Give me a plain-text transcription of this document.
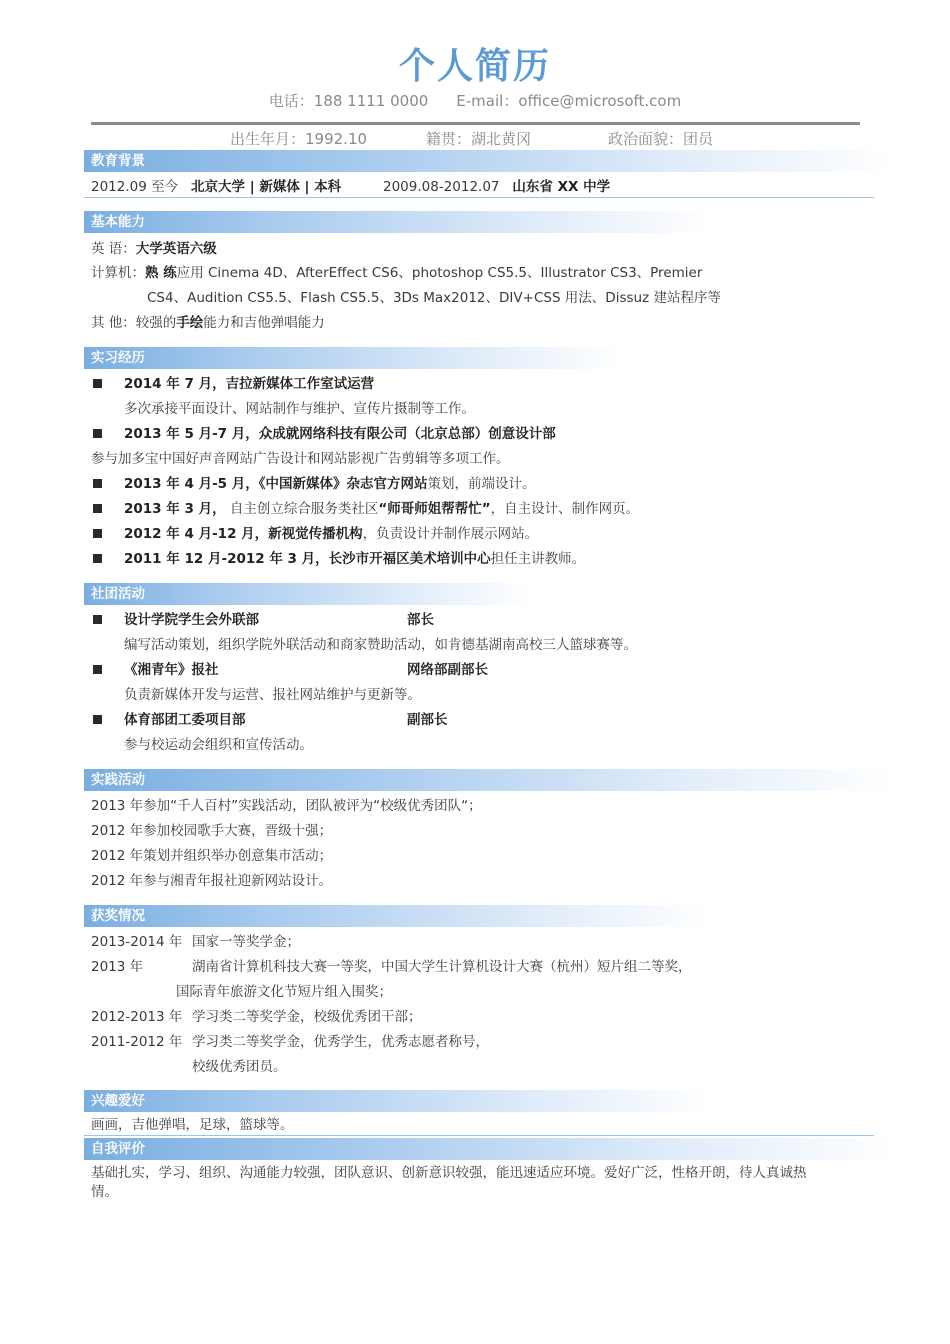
个人简历
电话：188 1111 0000 E-mail：office@microsoft.com
出生年月：1992.10	籍贯：湖北黄冈	政治面貌：团员
教育背景
2012.09 至今 北京大学 | 新媒体 | 本科	2009.08-2012.07 山东省 XX 中学
基本能力
英 语：大学英语六级
计算机：熟 练应用 Cinema 4D、AfterEffect CS6、photoshop CS5.5、Illustrator CS3、Premier
CS4、Audition CS5.5、Flash CS5.5、3Ds Max2012、DIV+CSS 用法、Dissuz 建站程序等
其 他：较强的手绘能力和吉他弹唱能力
实习经历
2014 年 7 月，吉拉新媒体工作室试运营
多次承接平面设计、网站制作与维护、宣传片摄制等工作。
2013 年 5 月-7 月，众成就网络科技有限公司（北京总部）创意设计部
参与加多宝中国好声音网站广告设计和网站影视广告剪辑等多项工作。
2013 年 4 月-5 月，《中国新媒体》杂志官方网站策划，前端设计。
2013 年 3 月， 自主创立综合服务类社区“师哥师姐帮帮忙”，自主设计、制作网页。
2012 年 4 月-12 月，新视觉传播机构，负责设计并制作展示网站。
2011 年 12 月-2012 年 3 月，长沙市开福区美术培训中心担任主讲教师。
社团活动
设计学院学生会外联部	部长
编写活动策划，组织学院外联活动和商家赞助活动，如肯德基湖南高校三人篮球赛等。
《湘青年》报社	网络部副部长
负责新媒体开发与运营、报社网站维护与更新等。
体育部团工委项目部	副部长
参与校运动会组织和宣传活动。
实践活动
2013 年参加“千人百村”实践活动，团队被评为“校级优秀团队“；
2012 年参加校园歌手大赛，晋级十强；
2012 年策划并组织举办创意集市活动；
2012 年参与湘青年报社迎新网站设计。
获奖情况
2013-2014 年 国家一等奖学金；
2013 年	湖南省计算机科技大赛一等奖，中国大学生计算机设计大赛（杭州）短片组二等奖，
国际青年旅游文化节短片组入围奖；
2012-2013 年 学习类二等奖学金，校级优秀团干部；
2011-2012 年 学习类二等奖学金，优秀学生，优秀志愿者称号，
校级优秀团员。
兴趣爱好
画画，吉他弹唱，足球，篮球等。
自我评价
基础扎实，学习、组织、沟通能力较强，团队意识、创新意识较强，能迅速适应环境。爱好广泛，性格开朗，待人真诚热
情。
